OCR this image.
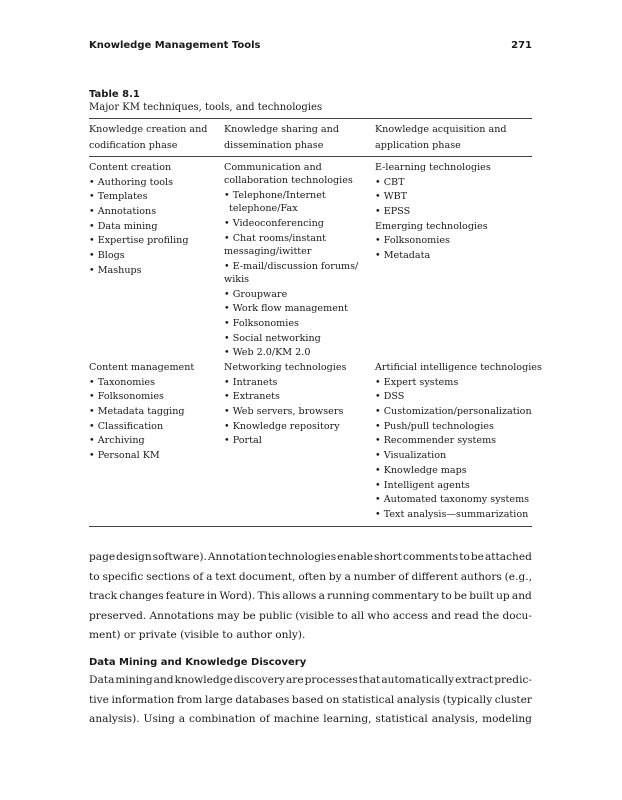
Knowledge Management Tools	271
Table 8.1
Major KM techniques, tools, and technologies
Knowledge creation and
codification phase
Knowledge sharing and
dissemination phase
Knowledge acquisition and
application phase
Content creation
• Authoring tools
• Templates
• Annotations
• Data mining
• Expertise profiling
• Blogs
• Mashups
Communication and
collaboration technologies
• Telephone/Internet
telephone/Fax
• Videoconferencing
• Chat rooms/instant
messaging/iwitter
• E-mail/discussion forums/
wikis
• Groupware
• Work flow management
• Folksonomies
• Social networking
• Web 2.0/KM 2.0
E-learning technologies
• CBT
• WBT
• EPSS
Emerging technologies
• Folksonomies
• Metadata
Content management
• Taxonomies
• Folksonomies
• Metadata tagging
• Classification
• Archiving
• Personal KM
Networking technologies
• Intranets
• Extranets
• Web servers, browsers
• Knowledge repository
• Portal
Artificial intelligence technologies
• Expert systems
• DSS
• Customization/personalization
• Push/pull technologies
• Recommender systems
• Visualization
• Knowledge maps
• Intelligent agents
• Automated taxonomy systems
• Text analysis—summarization
page design software). Annotation technologies enable short comments to be attached
to specific sections of a text document, often by a number of different authors (e.g.,
track changes feature in Word). This allows a running commentary to be built up and
preserved. Annotations may be public (visible to all who access and read the docu-
ment) or private (visible to author only).
Data Mining and Knowledge Discovery
Data mining and knowledge discovery are processes that automatically extract predic-
tive information from large databases based on statistical analysis (typically cluster
analysis). Using a combination of machine learning, statistical analysis, modeling
